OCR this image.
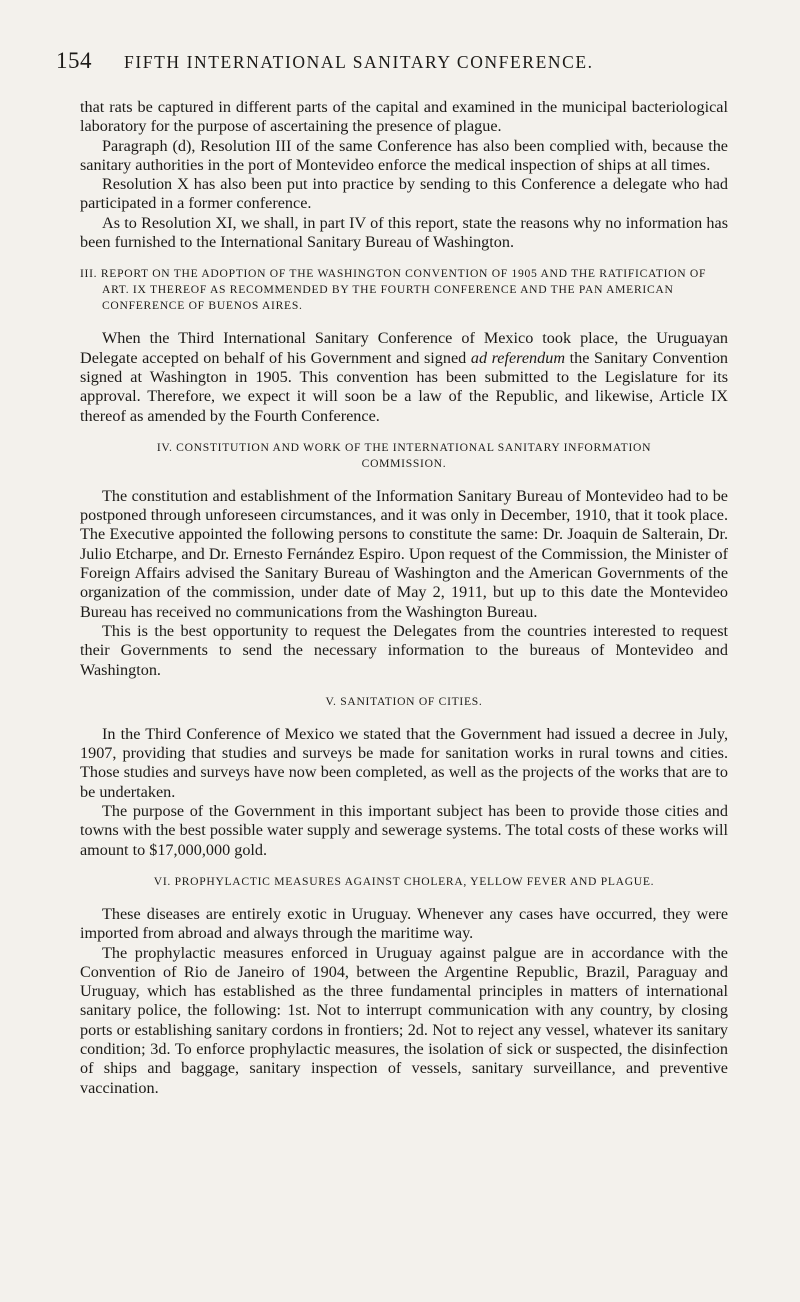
154 FIFTH INTERNATIONAL SANITARY CONFERENCE.

that rats be captured in different parts of the capital and examined in the municipal bacteriological laboratory for the purpose of ascertaining the presence of plague.

Paragraph (d), Resolution III of the same Conference has also been complied with, because the sanitary authorities in the port of Montevideo enforce the medical inspection of ships at all times.

Resolution X has also been put into practice by sending to this Conference a delegate who had participated in a former conference.

As to Resolution XI, we shall, in part IV of this report, state the reasons why no information has been furnished to the International Sanitary Bureau of Washington.

III. REPORT ON THE ADOPTION OF THE WASHINGTON CONVENTION OF 1905 AND THE RATIFICATION OF ART. IX THEREOF AS RECOMMENDED BY THE FOURTH CONFERENCE AND THE PAN AMERICAN CONFERENCE OF BUENOS AIRES.

When the Third International Sanitary Conference of Mexico took place, the Uruguayan Delegate accepted on behalf of his Government and signed ad referendum the Sanitary Convention signed at Washington in 1905. This convention has been submitted to the Legislature for its approval. Therefore, we expect it will soon be a law of the Republic, and likewise, Article IX thereof as amended by the Fourth Conference.

IV. CONSTITUTION AND WORK OF THE INTERNATIONAL SANITARY INFORMATION
COMMISSION.

The constitution and establishment of the Information Sanitary Bureau of Montevideo had to be postponed through unforeseen circumstances, and it was only in December, 1910, that it took place. The Executive appointed the following persons to constitute the same: Dr. Joaquin de Salterain, Dr. Julio Etcharpe, and Dr. Ernesto Fernández Espiro. Upon request of the Commission, the Minister of Foreign Affairs advised the Sanitary Bureau of Washington and the American Governments of the organization of the commission, under date of May 2, 1911, but up to this date the Montevideo Bureau has received no communications from the Washington Bureau.

This is the best opportunity to request the Delegates from the countries interested to request their Governments to send the necessary information to the bureaus of Montevideo and Washington.

V. SANITATION OF CITIES.

In the Third Conference of Mexico we stated that the Government had issued a decree in July, 1907, providing that studies and surveys be made for sanitation works in rural towns and cities. Those studies and surveys have now been completed, as well as the projects of the works that are to be undertaken.

The purpose of the Government in this important subject has been to provide those cities and towns with the best possible water supply and sewerage systems. The total costs of these works will amount to $17,000,000 gold.

VI. PROPHYLACTIC MEASURES AGAINST CHOLERA, YELLOW FEVER AND PLAGUE.

These diseases are entirely exotic in Uruguay. Whenever any cases have occurred, they were imported from abroad and always through the maritime way.

The prophylactic measures enforced in Uruguay against palgue are in accordance with the Convention of Rio de Janeiro of 1904, between the Argentine Republic, Brazil, Paraguay and Uruguay, which has established as the three fundamental principles in matters of international sanitary police, the following: 1st. Not to interrupt communication with any country, by closing ports or establishing sanitary cordons in frontiers; 2d. Not to reject any vessel, whatever its sanitary condition; 3d. To enforce prophylactic measures, the isolation of sick or suspected, the disinfection of ships and baggage, sanitary inspection of vessels, sanitary surveillance, and preventive vaccination.
